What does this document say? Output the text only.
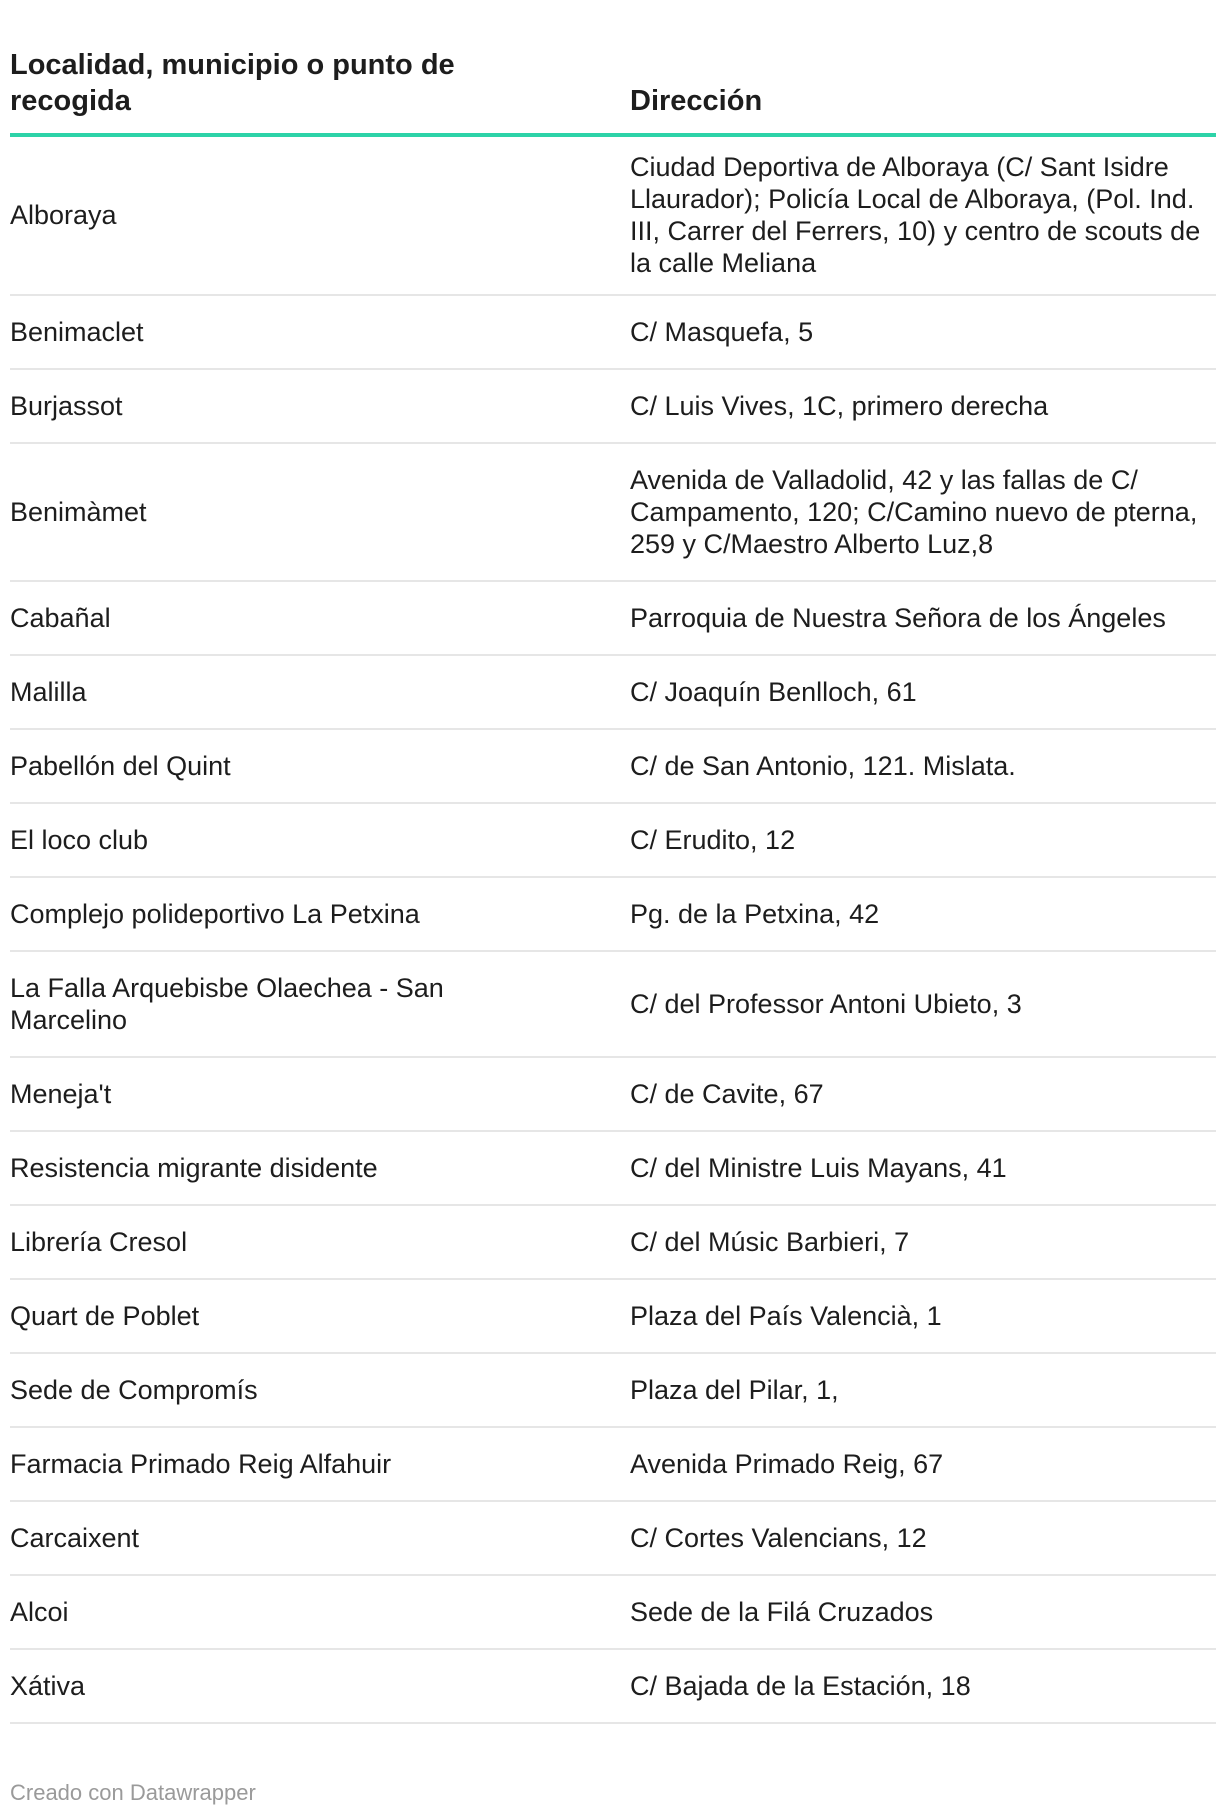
Localidad, municipio o punto de recogida	Dirección
Alboraya	Ciudad Deportiva de Alboraya (C/ Sant Isidre Llaurador); Policía Local de Alboraya, (Pol. Ind. III, Carrer del Ferrers, 10) y centro de scouts de la calle Meliana
Benimaclet	C/ Masquefa, 5
Burjassot	C/ Luis Vives, 1C, primero derecha
Benimàmet	Avenida de Valladolid, 42 y las fallas de C/ Campamento, 120; C/Camino nuevo de pterna, 259 y C/Maestro Alberto Luz,8
Cabañal	Parroquia de Nuestra Señora de los Ángeles
Malilla	C/ Joaquín Benlloch, 61
Pabellón del Quint	C/ de San Antonio, 121. Mislata.
El loco club	C/ Erudito, 12
Complejo polideportivo La Petxina	Pg. de la Petxina, 42
La Falla Arquebisbe Olaechea - San Marcelino	C/ del Professor Antoni Ubieto, 3
Meneja't	C/ de Cavite, 67
Resistencia migrante disidente	C/ del Ministre Luis Mayans, 41
Librería Cresol	C/ del Músic Barbieri, 7
Quart de Poblet	Plaza del País Valencià, 1
Sede de Compromís	Plaza del Pilar, 1,
Farmacia Primado Reig Alfahuir	Avenida Primado Reig, 67
Carcaixent	C/ Cortes Valencians, 12
Alcoi	Sede de la Filá Cruzados
Xátiva	C/ Bajada de la Estación, 18
Creado con Datawrapper
